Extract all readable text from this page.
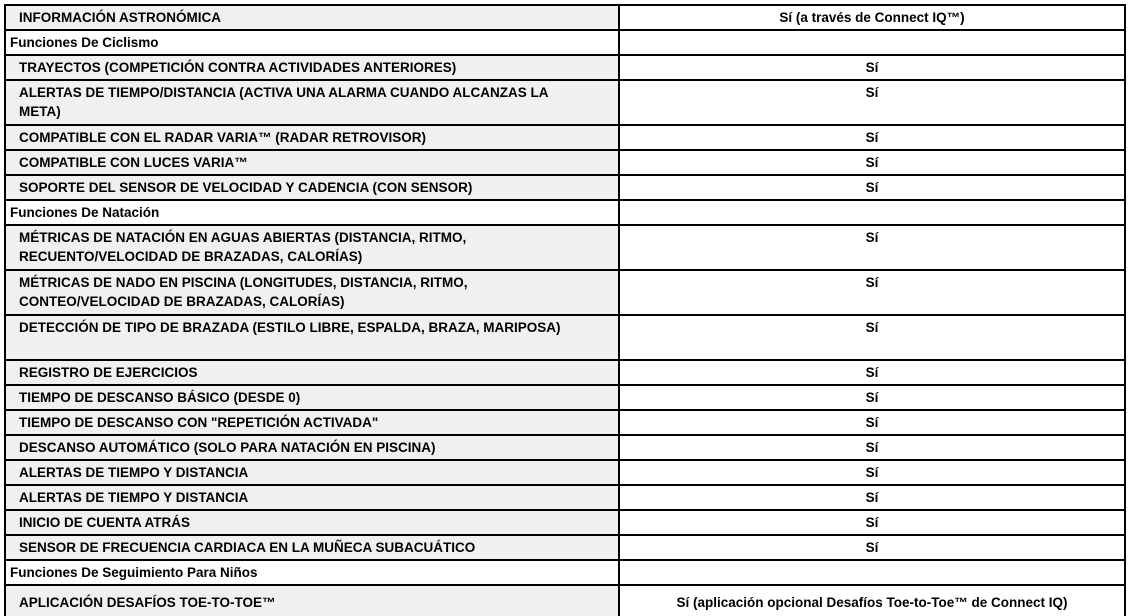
INFORMACIÓN ASTRONÓMICA	Sí (a través de Connect IQ™)
Funciones De Ciclismo	
TRAYECTOS (COMPETICIÓN CONTRA ACTIVIDADES ANTERIORES)	Sí
ALERTAS DE TIEMPO/DISTANCIA (ACTIVA UNA ALARMA CUANDO ALCANZAS LA META)	Sí
COMPATIBLE CON EL RADAR VARIA™ (RADAR RETROVISOR)	Sí
COMPATIBLE CON LUCES VARIA™	Sí
SOPORTE DEL SENSOR DE VELOCIDAD Y CADENCIA (CON SENSOR)	Sí
Funciones De Natación	
MÉTRICAS DE NATACIÓN EN AGUAS ABIERTAS (DISTANCIA, RITMO, RECUENTO/VELOCIDAD DE BRAZADAS, CALORÍAS)	Sí
MÉTRICAS DE NADO EN PISCINA (LONGITUDES, DISTANCIA, RITMO, CONTEO/VELOCIDAD DE BRAZADAS, CALORÍAS)	Sí
DETECCIÓN DE TIPO DE BRAZADA (ESTILO LIBRE, ESPALDA, BRAZA, MARIPOSA)	Sí
REGISTRO DE EJERCICIOS	Sí
TIEMPO DE DESCANSO BÁSICO (DESDE 0)	Sí
TIEMPO DE DESCANSO CON "REPETICIÓN ACTIVADA"	Sí
DESCANSO AUTOMÁTICO (SOLO PARA NATACIÓN EN PISCINA)	Sí
ALERTAS DE TIEMPO Y DISTANCIA	Sí
ALERTAS DE TIEMPO Y DISTANCIA	Sí
INICIO DE CUENTA ATRÁS	Sí
SENSOR DE FRECUENCIA CARDIACA EN LA MUÑECA SUBACUÁTICO	Sí
Funciones De Seguimiento Para Niños	
APLICACIÓN DESAFÍOS TOE-TO-TOE™	Sí (aplicación opcional Desafíos Toe-to-Toe™ de Connect IQ)
